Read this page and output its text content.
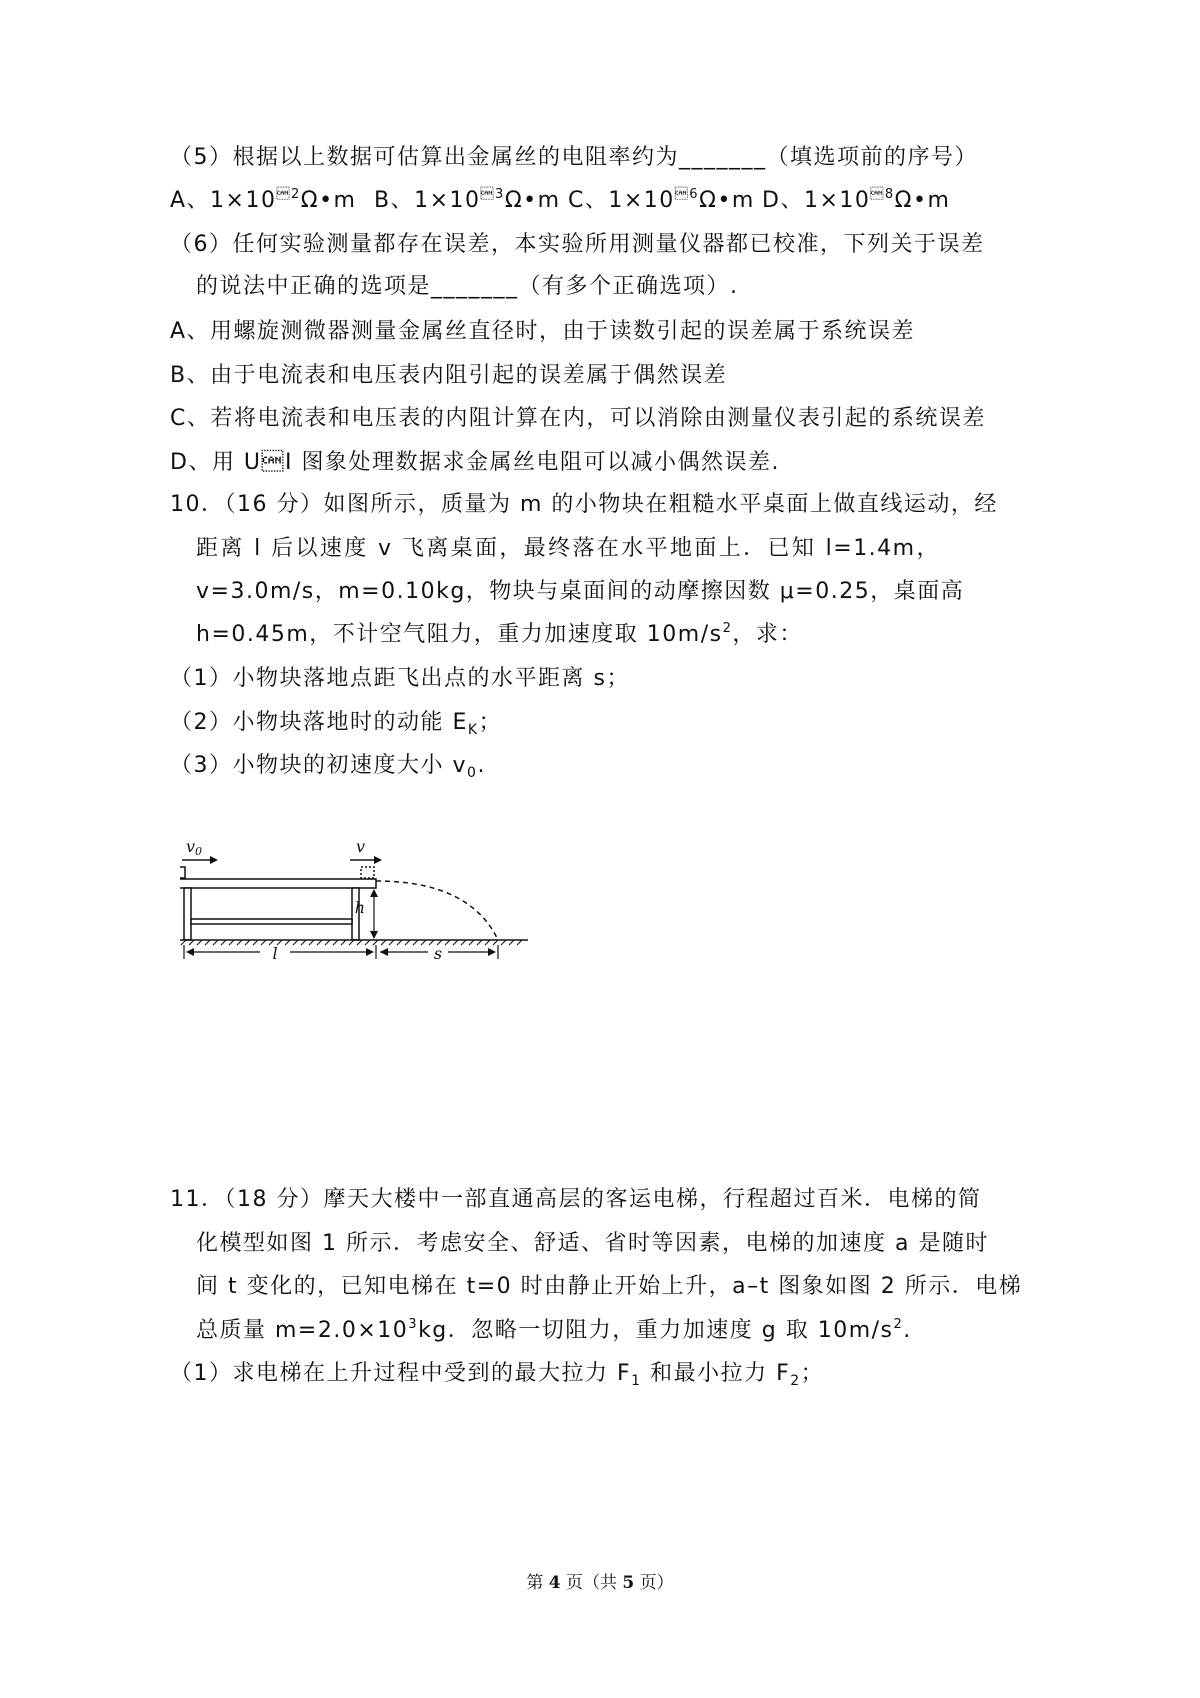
（5）根据以上数据可估算出金属丝的电阻率约为_______（填选项前的序号）
A、$1\times 10^{2}\Omega•m$ B、$1\times 10^{3}\Omega•m$ C、$1\times 10^{6}\Omega•m$ D、$1\times 10^{8}\Omega•m$
（6）任何实验测量都存在误差，本实验所用测量仪器都已校准，下列关于误差
的说法中正确的选项是_______（有多个正确选项）.
A、用螺旋测微器测量金属丝直径时，由于读数引起的误差属于系统误差
B、由于电流表和电压表内阻引起的误差属于偶然误差
C、若将电流表和电压表的内阻计算在内，可以消除由测量仪表引起的系统误差
D、用 UI 图象处理数据求金属丝电阻可以减小偶然误差.
10．（16 分）如图所示，质量为 m 的小物块在粗糙水平桌面上做直线运动，经
距离 l 后以速度 v 飞离桌面，最终落在水平地面上．已知 l=1.4m，
v=3.0m/s，m=0.10kg，物块与桌面间的动摩擦因数 μ=0.25，桌面高
h=0.45m，不计空气阻力，重力加速度取 $10m/s^2$，求：
（1）小物块落地点距飞出点的水平距离 s；
（2）小物块落地时的动能 $E_K$；
（3）小物块的初速度大小 $v_0$.
v0	v
h
l	s
11．（18 分）摩天大楼中一部直通高层的客运电梯，行程超过百米．电梯的简
化模型如图 1 所示．考虑安全、舒适、省时等因素，电梯的加速度 a 是随时
间 t 变化的，已知电梯在 t=0 时由静止开始上升，a–t 图象如图 2 所示．电梯
总质量 $m=2.0\times 10^3kg$．忽略一切阻力，重力加速度 g 取 $10m/s^2$.
（1）求电梯在上升过程中受到的最大拉力 $F_1$ 和最小拉力 $F_2$；
第 4 页（共 5 页）
